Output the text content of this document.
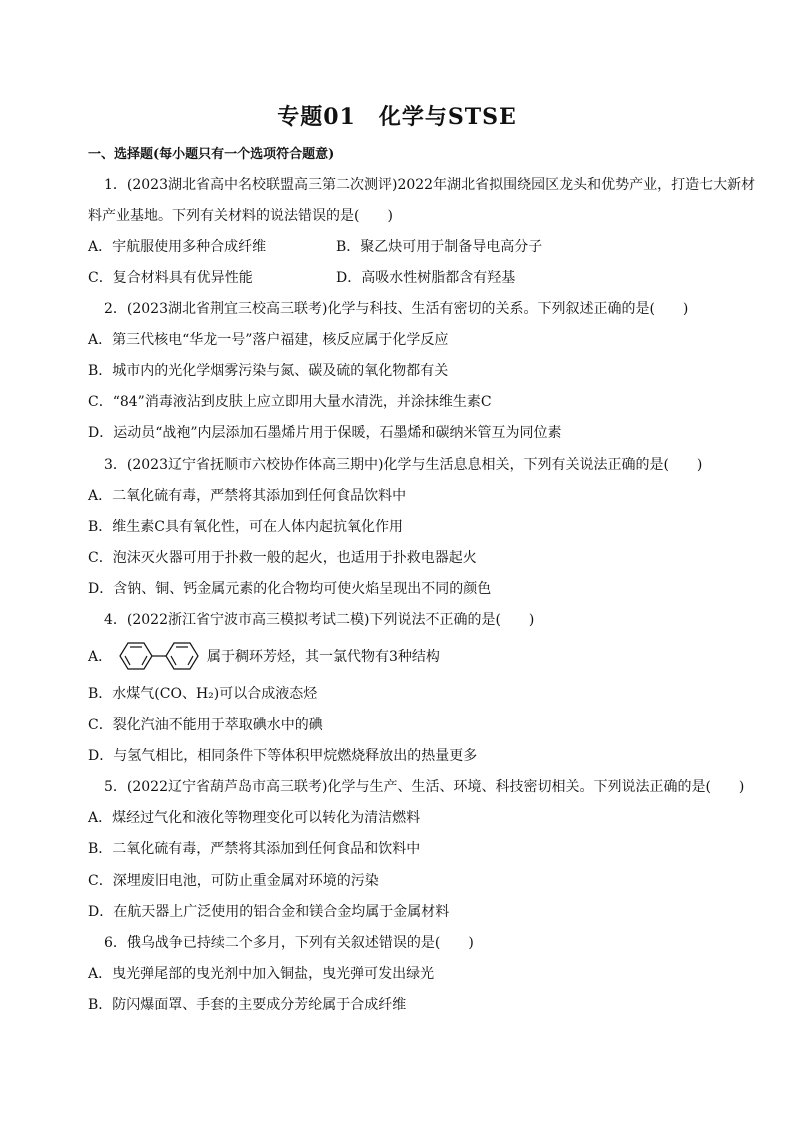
专题01　化学与STSE
一、选择题(每小题只有一个选项符合题意)
1．(2023湖北省高中名校联盟高三第二次测评)2022年湖北省拟围绕园区龙头和优势产业，打造七大新材
料产业基地。下列有关材料的说法错误的是(　　)
A．宇航服使用多种合成纤维	B．聚乙炔可用于制备导电高分子
C．复合材料具有优异性能	D．高吸水性树脂都含有羟基
2．(2023湖北省荆宜三校高三联考)化学与科技、生活有密切的关系。下列叙述正确的是(　　)
A．第三代核电“华龙一号”落户福建，核反应属于化学反应
B．城市内的光化学烟雾污染与氮、碳及硫的氧化物都有关
C．“84”消毒液沾到皮肤上应立即用大量水清洗，并涂抹维生素C
D．运动员“战袍”内层添加石墨烯片用于保暖，石墨烯和碳纳米管互为同位素
3．(2023辽宁省抚顺市六校协作体高三期中)化学与生活息息相关，下列有关说法正确的是(　　)
A．二氧化硫有毒，严禁将其添加到任何食品饮料中
B．维生素C具有氧化性，可在人体内起抗氧化作用
C．泡沫灭火器可用于扑救一般的起火，也适用于扑救电器起火
D．含钠、铜、钙金属元素的化合物均可使火焰呈现出不同的颜色
4．(2022浙江省宁波市高三模拟考试二模)下列说法不正确的是(　　)
A．	属于稠环芳烃，其一氯代物有3种结构
B．水煤气(CO、H₂)可以合成液态烃
C．裂化汽油不能用于萃取碘水中的碘
D．与氢气相比，相同条件下等体积甲烷燃烧释放出的热量更多
5．(2022辽宁省葫芦岛市高三联考)化学与生产、生活、环境、科技密切相关。下列说法正确的是(　　)
A．煤经过气化和液化等物理变化可以转化为清洁燃料
B．二氧化硫有毒，严禁将其添加到任何食品和饮料中
C．深埋废旧电池，可防止重金属对环境的污染
D．在航天器上广泛使用的铝合金和镁合金均属于金属材料
6．俄乌战争已持续二个多月，下列有关叙述错误的是(　　)
A．曳光弹尾部的曳光剂中加入铜盐，曳光弹可发出绿光
B．防闪爆面罩、手套的主要成分芳纶属于合成纤维
